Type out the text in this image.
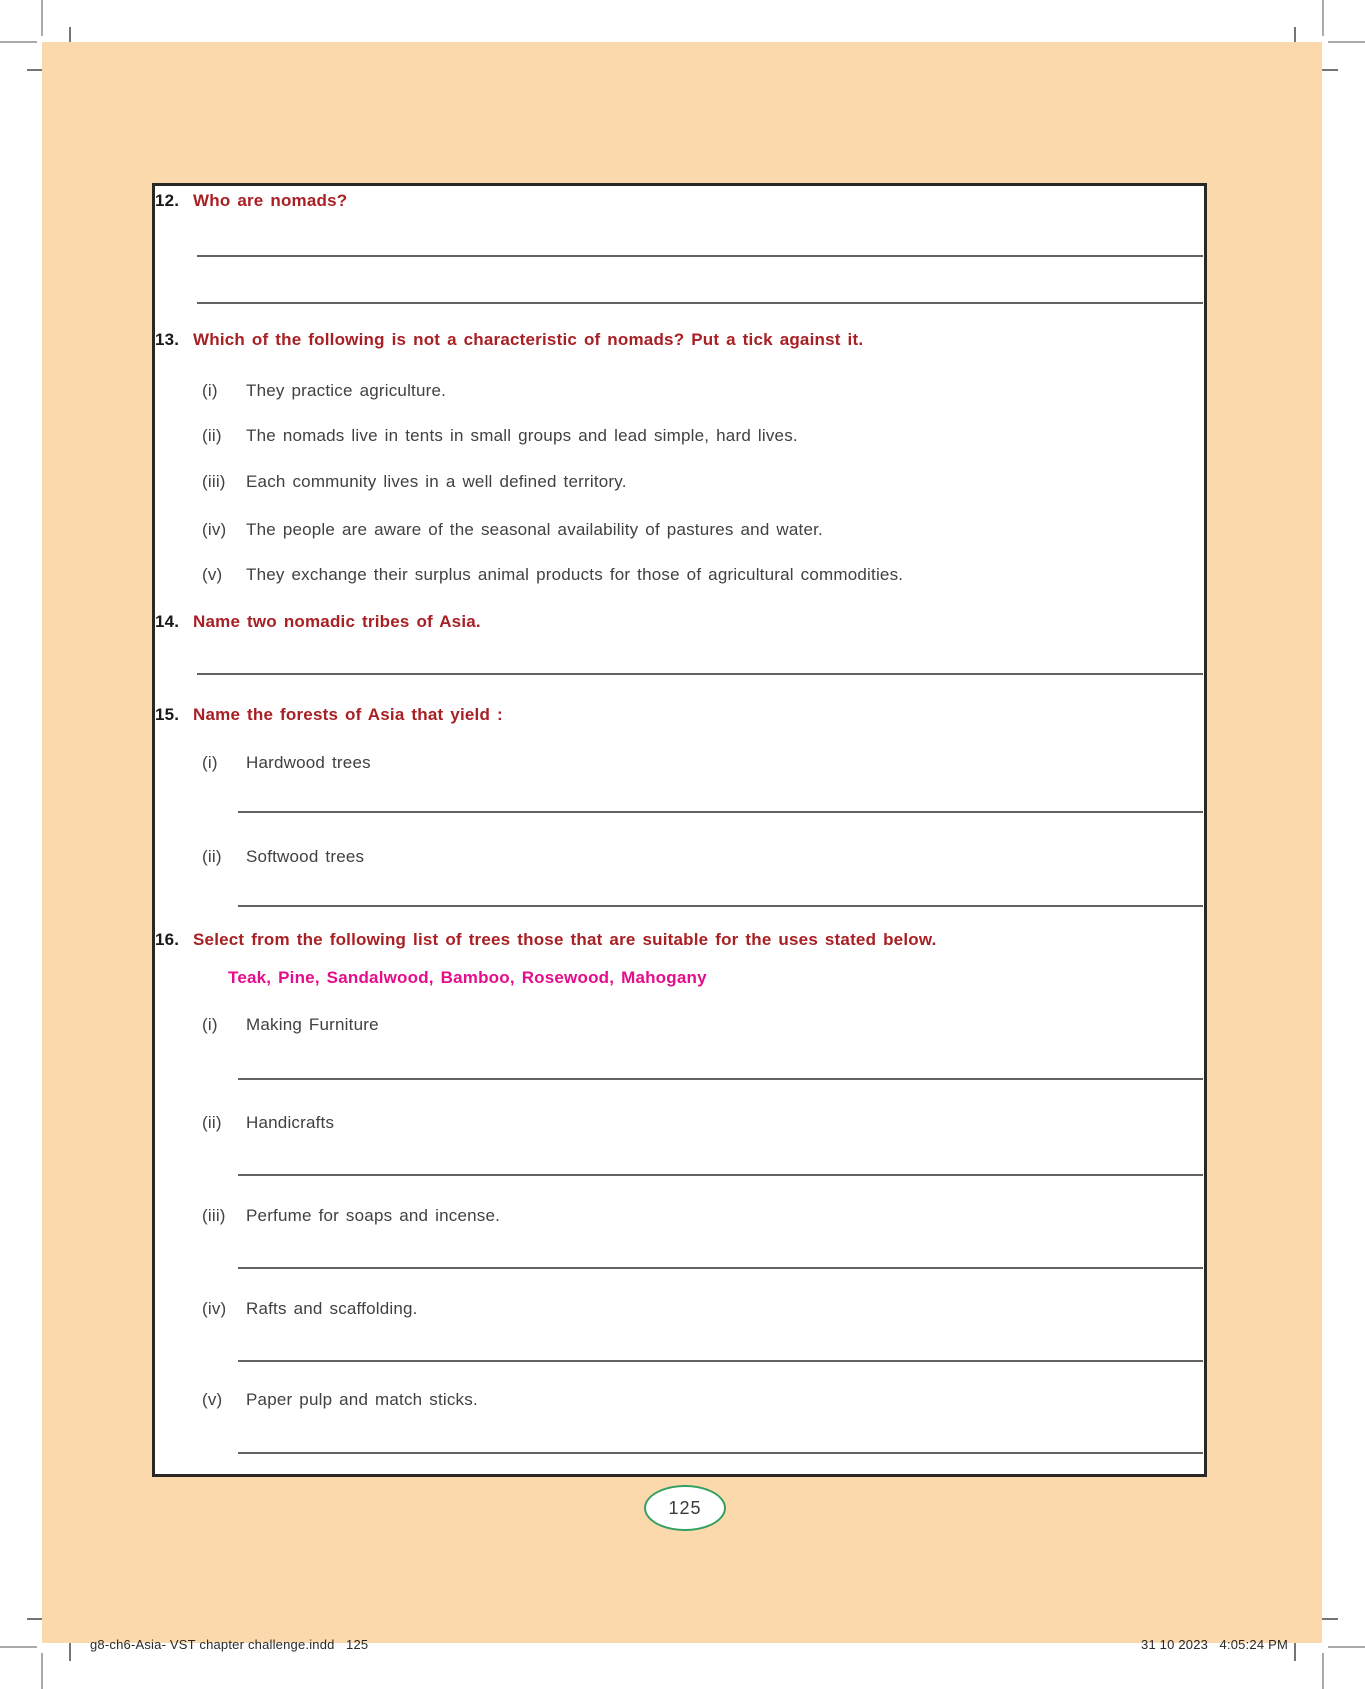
12. Who are nomads?
13. Which of the following is not a characteristic of nomads? Put a tick against it.
(i) They practice agriculture.
(ii) The nomads live in tents in small groups and lead simple, hard lives.
(iii) Each community lives in a well defined territory.
(iv) The people are aware of the seasonal availability of pastures and water.
(v) They exchange their surplus animal products for those of agricultural commodities.
14. Name two nomadic tribes of Asia.
15. Name the forests of Asia that yield :
(i) Hardwood trees
(ii) Softwood trees
16. Select from the following list of trees those that are suitable for the uses stated below.
Teak, Pine, Sandalwood, Bamboo, Rosewood, Mahogany
(i) Making Furniture
(ii) Handicrafts
(iii) Perfume for soaps and incense.
(iv) Rafts and scaffolding.
(v) Paper pulp and match sticks.
125
g8-ch6-Asia- VST chapter challenge.indd   125	31 10 2023   4:05:24 PM
